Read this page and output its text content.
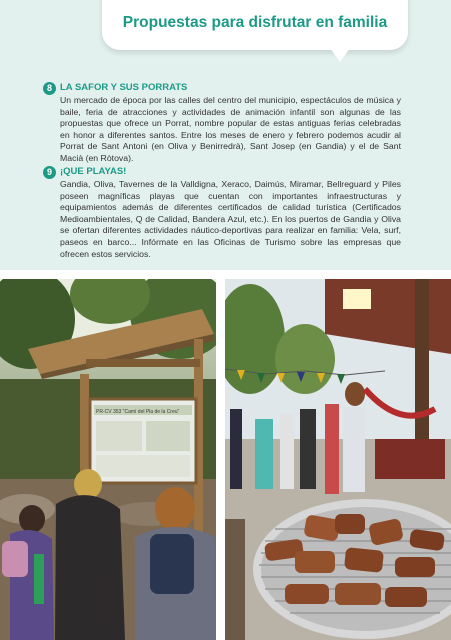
Propuestas para disfrutar en familia
8 LA SAFOR Y SUS PORRATS
Un mercado de época por las calles del centro del municipio, espectáculos de música y baile, feria de atracciones y actividades de animación infantil son algunas de las propuestas que ofrece un Porrat, nombre popular de estas antiguas ferias celebradas en honor a diferentes santos. Entre los meses de enero y febrero podemos acudir al Porrat de Sant Antoni (en Oliva y Benirredrà), Sant Josep (en Gandia) y el de Sant Macià (en Ròtova).
9 ¡QUE PLAYAS!
Gandia, Oliva, Tavernes de la Valldigna, Xeraco, Daimús, Miramar, Bellreguard y Piles poseen magníficas playas que cuentan con importantes infraestructuras y equipamientos además de diferentes certificados de calidad turística (Certificados Medioambientales, Q de Calidad, Bandera Azul, etc.). En los puertos de Gandia y Oliva se ofertan diferentes actividades náutico-deportivas para realizar en familia: Vela, surf, paseos en barco... Infórmate en las Oficinas de Turismo sobre las empresas que ofrecen estos servicios.
PR-CV 353 "Camí del Pla de la Creu"
